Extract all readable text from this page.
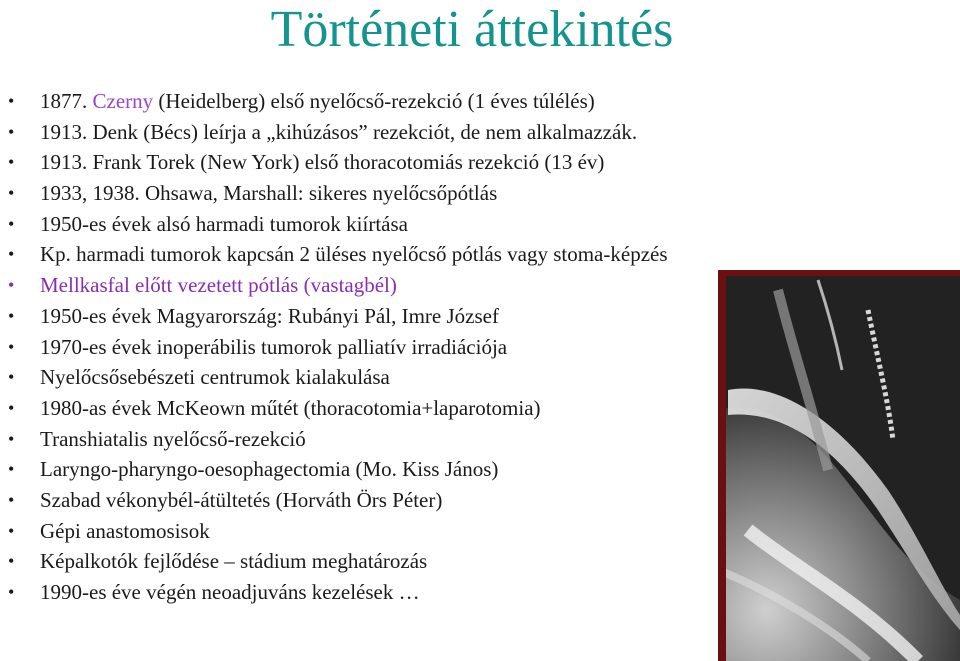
Történeti áttekintés
•	1877. Czerny (Heidelberg) első nyelőcső-rezekció (1 éves túlélés)
•	1913. Denk (Bécs) leírja a „kihúzásos” rezekciót, de nem alkalmazzák.
•	1913. Frank Torek (New York) első thoracotomiás rezekció (13 év)
•	1933, 1938. Ohsawa, Marshall: sikeres nyelőcsőpótlás
•	1950-es évek alsó harmadi tumorok kiírtása
•	Kp. harmadi tumorok kapcsán 2 üléses nyelőcső pótlás vagy stoma-képzés
•	Mellkasfal előtt vezetett pótlás (vastagbél)
•	1950-es évek Magyarország: Rubányi Pál, Imre József
•	1970-es évek inoperábilis tumorok palliatív irradiációja
•	Nyelőcsősebészeti centrumok kialakulása
•	1980-as évek McKeown műtét (thoracotomia+laparotomia)
•	Transhiatalis nyelőcső-rezekció
•	Laryngo-pharyngo-oesophagectomia (Mo. Kiss János)
•	Szabad vékonybél-átültetés (Horváth Örs Péter)
•	Gépi anastomosisok
•	Képalkotók fejlődése – stádium meghatározás
•	1990-es éve végén neoadjuváns kezelések …
